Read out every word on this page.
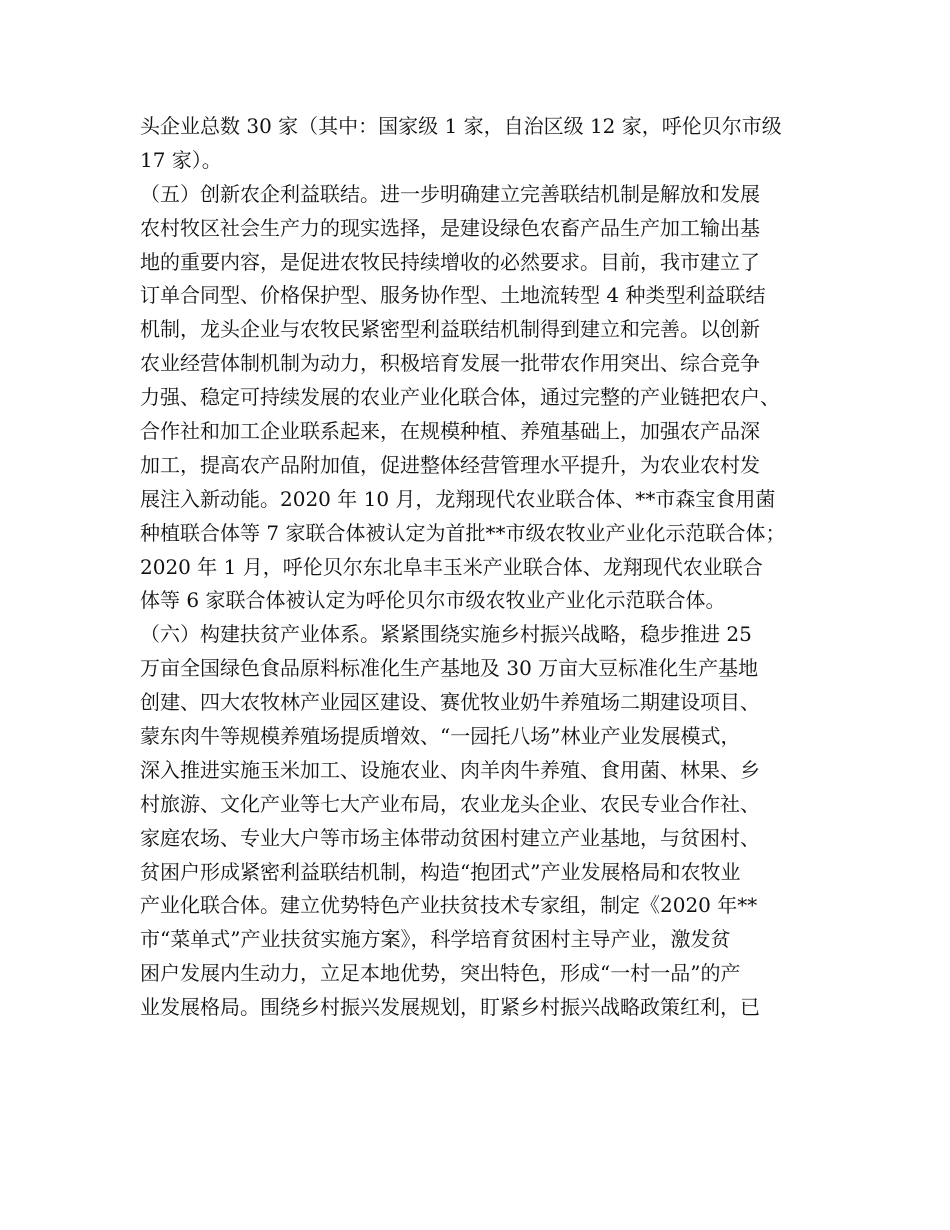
头企业总数 30 家（其中：国家级 1 家，自治区级 12 家，呼伦贝尔市级
17 家）。
（五）创新农企利益联结。进一步明确建立完善联结机制是解放和发展
农村牧区社会生产力的现实选择，是建设绿色农畜产品生产加工输出基
地的重要内容，是促进农牧民持续增收的必然要求。目前，我市建立了
订单合同型、价格保护型、服务协作型、土地流转型 4 种类型利益联结
机制，龙头企业与农牧民紧密型利益联结机制得到建立和完善。以创新
农业经营体制机制为动力，积极培育发展一批带农作用突出、综合竞争
力强、稳定可持续发展的农业产业化联合体，通过完整的产业链把农户、
合作社和加工企业联系起来，在规模种植、养殖基础上，加强农产品深
加工，提高农产品附加值，促进整体经营管理水平提升，为农业农村发
展注入新动能。2020 年 10 月，龙翔现代农业联合体、**市森宝食用菌
种植联合体等 7 家联合体被认定为首批**市级农牧业产业化示范联合体；
2020 年 1 月，呼伦贝尔东北阜丰玉米产业联合体、龙翔现代农业联合
体等 6 家联合体被认定为呼伦贝尔市级农牧业产业化示范联合体。
（六）构建扶贫产业体系。紧紧围绕实施乡村振兴战略，稳步推进 25
万亩全国绿色食品原料标准化生产基地及 30 万亩大豆标准化生产基地
创建、四大农牧林产业园区建设、赛优牧业奶牛养殖场二期建设项目、
蒙东肉牛等规模养殖场提质增效、“一园托八场”林业产业发展模式，
深入推进实施玉米加工、设施农业、肉羊肉牛养殖、食用菌、林果、乡
村旅游、文化产业等七大产业布局，农业龙头企业、农民专业合作社、
家庭农场、专业大户等市场主体带动贫困村建立产业基地，与贫困村、
贫困户形成紧密利益联结机制，构造“抱团式”产业发展格局和农牧业
产业化联合体。建立优势特色产业扶贫技术专家组，制定《2020 年**
市“菜单式”产业扶贫实施方案》，科学培育贫困村主导产业，激发贫
困户发展内生动力，立足本地优势，突出特色，形成“一村一品”的产
业发展格局。围绕乡村振兴发展规划，盯紧乡村振兴战略政策红利，已
